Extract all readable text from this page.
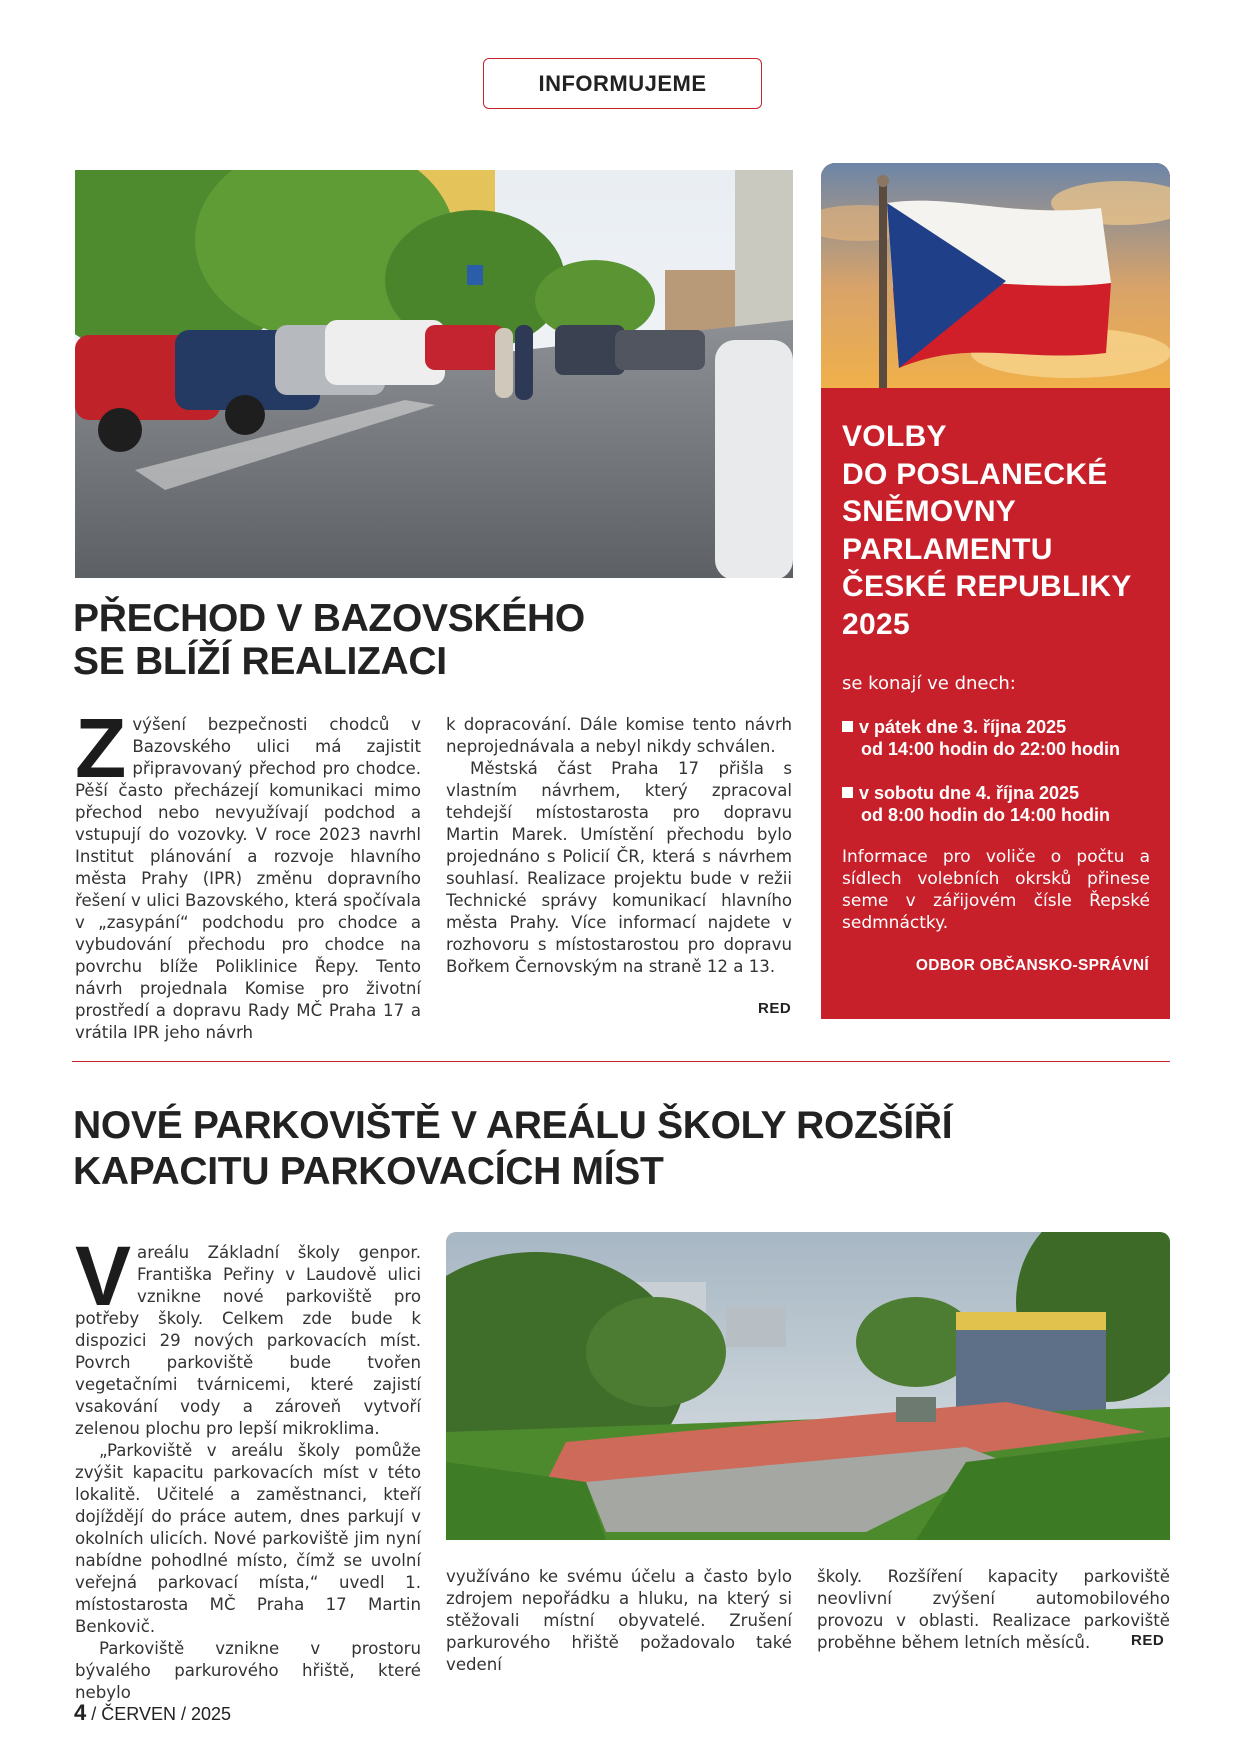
INFORMUJEME
PŘECHOD V BAZOVSKÉHO
SE BLÍŽÍ REALIZACI
Z výšení bezpečnosti chodců v Bazovského ulici má zajistit připravovaný přechod pro chodce. Pěší často přecházejí komunikaci mimo přechod nebo nevyužívají podchod a vstupují do vozovky. V roce 2023 navrhl Institut plánování a rozvoje hlavního města Prahy (IPR) změnu dopravního řešení v ulici Bazovského, která spočívala v „zasypání“ podchodu pro chodce a vybudování přechodu pro chodce na povrchu blíže Poliklinice Řepy. Tento návrh projednala Komise pro životní prostředí a dopravu Rady MČ Praha 17 a vrátila IPR jeho návrh

k dopracování. Dále komise tento návrh neprojednávala a nebyl nikdy schválen.

Městská část Praha 17 přišla s vlastním návrhem, který zpracoval tehdejší místostarosta pro dopravu Martin Marek. Umístění přechodu bylo projednáno s Policií ČR, která s návrhem souhlasí. Realizace projektu bude v režii Technické správy komunikací hlavního města Prahy. Více informací najdete v rozhovoru s místostarostou pro dopravu Bořkem Černovským na straně 12 a 13.

RED
VOLBY
DO POSLANECKÉ
SNĚMOVNY
PARLAMENTU
ČESKÉ REPUBLIKY
2025
se konají ve dnech:
v pátek dne 3. října 2025
od 14:00 hodin do 22:00 hodin
v sobotu dne 4. října 2025
od 8:00 hodin do 14:00 hodin
Informace pro voliče o počtu a sídlech volebních okrsků přinese seme v zářijovém čísle Řepské sedmnáctky.
ODBOR OBČANSKO-SPRÁVNÍ
NOVÉ PARKOVIŠTĚ V AREÁLU ŠKOLY ROZŠÍŘÍ
KAPACITU PARKOVACÍCH MÍST
V areálu Základní školy genpor. Františka Peřiny v Laudově ulici vznikne nové parkoviště pro potřeby školy. Celkem zde bude k dispozici 29 nových parkovacích míst. Povrch parkoviště bude tvořen vegetačními tvárnicemi, které zajistí vsakování vody a zároveň vytvoří zelenou plochu pro lepší mikroklima.

„Parkoviště v areálu školy pomůže zvýšit kapacitu parkovacích míst v této lokalitě. Učitelé a zaměstnanci, kteří dojíždějí do práce autem, dnes parkují v okolních ulicích. Nové parkoviště jim nyní nabídne pohodlné místo, čímž se uvolní veřejná parkovací místa,“ uvedl 1. místostarosta MČ Praha 17 Martin Benkovič.

Parkoviště vznikne v prostoru bývalého parkurového hřiště, které nebylo

využíváno ke svému účelu a často bylo zdrojem nepořádku a hluku, na který si stěžovali místní obyvatelé. Zrušení parkurového hřiště požadovalo také vedení

školy. Rozšíření kapacity parkoviště neovlivní zvýšení automobilového provozu v oblasti. Realizace parkoviště proběhne během letních měsíců.	RED
4 / ČERVEN / 2025
